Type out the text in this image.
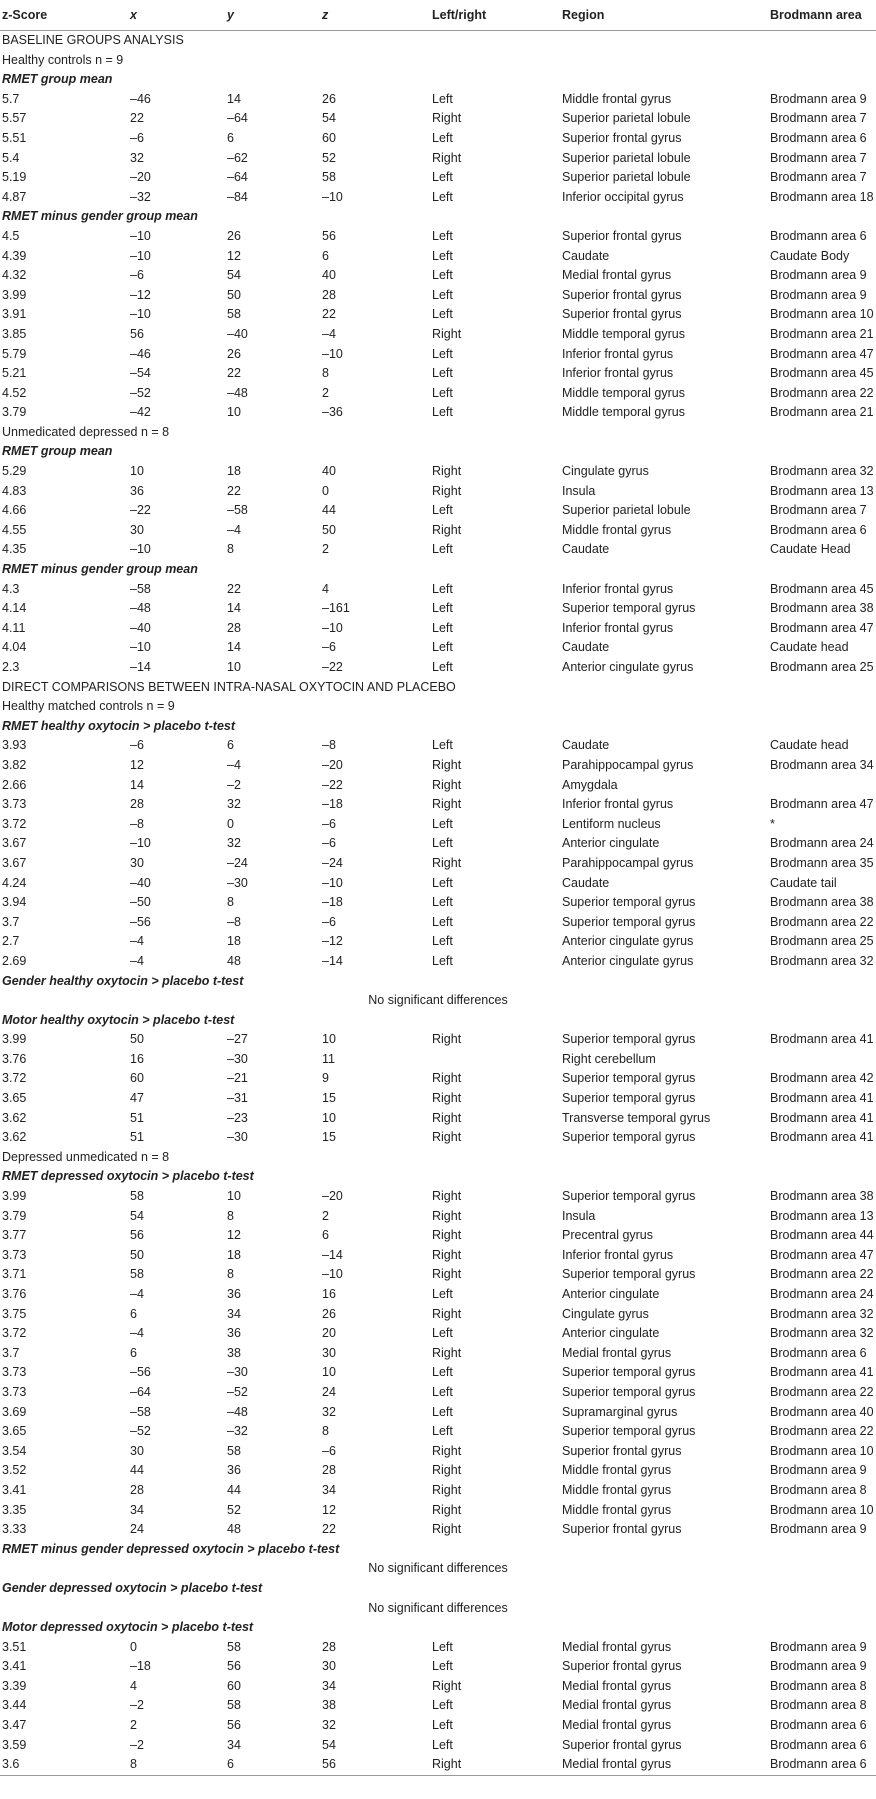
z-Score	x	y	z	Left/right	Region	Brodmann area
BASELINE GROUPS ANALYSIS						
Healthy controls n = 9						
RMET group mean						
5.7	–46	14	26	Left	Middle frontal gyrus	Brodmann area 9
5.57	22	–64	54	Right	Superior parietal lobule	Brodmann area 7
5.51	–6	6	60	Left	Superior frontal gyrus	Brodmann area 6
5.4	32	–62	52	Right	Superior parietal lobule	Brodmann area 7
5.19	–20	–64	58	Left	Superior parietal lobule	Brodmann area 7
4.87	–32	–84	–10	Left	Inferior occipital gyrus	Brodmann area 18
RMET minus gender group mean						
4.5	–10	26	56	Left	Superior frontal gyrus	Brodmann area 6
4.39	–10	12	6	Left	Caudate	Caudate Body
4.32	–6	54	40	Left	Medial frontal gyrus	Brodmann area 9
3.99	–12	50	28	Left	Superior frontal gyrus	Brodmann area 9
3.91	–10	58	22	Left	Superior frontal gyrus	Brodmann area 10
3.85	56	–40	–4	Right	Middle temporal gyrus	Brodmann area 21
5.79	–46	26	–10	Left	Inferior frontal gyrus	Brodmann area 47
5.21	–54	22	8	Left	Inferior frontal gyrus	Brodmann area 45
4.52	–52	–48	2	Left	Middle temporal gyrus	Brodmann area 22
3.79	–42	10	–36	Left	Middle temporal gyrus	Brodmann area 21
Unmedicated depressed n = 8						
RMET group mean						
5.29	10	18	40	Right	Cingulate gyrus	Brodmann area 32
4.83	36	22	0	Right	Insula	Brodmann area 13
4.66	–22	–58	44	Left	Superior parietal lobule	Brodmann area 7
4.55	30	–4	50	Right	Middle frontal gyrus	Brodmann area 6
4.35	–10	8	2	Left	Caudate	Caudate Head
RMET minus gender group mean						
4.3	–58	22	4	Left	Inferior frontal gyrus	Brodmann area 45
4.14	–48	14	–161	Left	Superior temporal gyrus	Brodmann area 38
4.11	–40	28	–10	Left	Inferior frontal gyrus	Brodmann area 47
4.04	–10	14	–6	Left	Caudate	Caudate head
2.3	–14	10	–22	Left	Anterior cingulate gyrus	Brodmann area 25
DIRECT COMPARISONS BETWEEN INTRA-NASAL OXYTOCIN AND PLACEBO						
Healthy matched controls n = 9						
RMET healthy oxytocin > placebo t-test						
3.93	–6	6	–8	Left	Caudate	Caudate head
3.82	12	–4	–20	Right	Parahippocampal gyrus	Brodmann area 34
2.66	14	–2	–22	Right	Amygdala	
3.73	28	32	–18	Right	Inferior frontal gyrus	Brodmann area 47
3.72	–8	0	–6	Left	Lentiform nucleus	*
3.67	–10	32	–6	Left	Anterior cingulate	Brodmann area 24
3.67	30	–24	–24	Right	Parahippocampal gyrus	Brodmann area 35
4.24	–40	–30	–10	Left	Caudate	Caudate tail
3.94	–50	8	–18	Left	Superior temporal gyrus	Brodmann area 38
3.7	–56	–8	–6	Left	Superior temporal gyrus	Brodmann area 22
2.7	–4	18	–12	Left	Anterior cingulate gyrus	Brodmann area 25
2.69	–4	48	–14	Left	Anterior cingulate gyrus	Brodmann area 32
Gender healthy oxytocin > placebo t-test						
No significant differences						
Motor healthy oxytocin > placebo t-test						
3.99	50	–27	10	Right	Superior temporal gyrus	Brodmann area 41
3.76	16	–30	11		Right cerebellum	
3.72	60	–21	9	Right	Superior temporal gyrus	Brodmann area 42
3.65	47	–31	15	Right	Superior temporal gyrus	Brodmann area 41
3.62	51	–23	10	Right	Transverse temporal gyrus	Brodmann area 41
3.62	51	–30	15	Right	Superior temporal gyrus	Brodmann area 41
Depressed unmedicated n = 8						
RMET depressed oxytocin > placebo t-test						
3.99	58	10	–20	Right	Superior temporal gyrus	Brodmann area 38
3.79	54	8	2	Right	Insula	Brodmann area 13
3.77	56	12	6	Right	Precentral gyrus	Brodmann area 44
3.73	50	18	–14	Right	Inferior frontal gyrus	Brodmann area 47
3.71	58	8	–10	Right	Superior temporal gyrus	Brodmann area 22
3.76	–4	36	16	Left	Anterior cingulate	Brodmann area 24
3.75	6	34	26	Right	Cingulate gyrus	Brodmann area 32
3.72	–4	36	20	Left	Anterior cingulate	Brodmann area 32
3.7	6	38	30	Right	Medial frontal gyrus	Brodmann area 6
3.73	–56	–30	10	Left	Superior temporal gyrus	Brodmann area 41
3.73	–64	–52	24	Left	Superior temporal gyrus	Brodmann area 22
3.69	–58	–48	32	Left	Supramarginal gyrus	Brodmann area 40
3.65	–52	–32	8	Left	Superior temporal gyrus	Brodmann area 22
3.54	30	58	–6	Right	Superior frontal gyrus	Brodmann area 10
3.52	44	36	28	Right	Middle frontal gyrus	Brodmann area 9
3.41	28	44	34	Right	Middle frontal gyrus	Brodmann area 8
3.35	34	52	12	Right	Middle frontal gyrus	Brodmann area 10
3.33	24	48	22	Right	Superior frontal gyrus	Brodmann area 9
RMET minus gender depressed oxytocin > placebo t-test						
No significant differences						
Gender depressed oxytocin > placebo t-test						
No significant differences						
Motor depressed oxytocin > placebo t-test						
3.51	0	58	28	Left	Medial frontal gyrus	Brodmann area 9
3.41	–18	56	30	Left	Superior frontal gyrus	Brodmann area 9
3.39	4	60	34	Right	Medial frontal gyrus	Brodmann area 8
3.44	–2	58	38	Left	Medial frontal gyrus	Brodmann area 8
3.47	2	56	32	Left	Medial frontal gyrus	Brodmann area 6
3.59	–2	34	54	Left	Superior frontal gyrus	Brodmann area 6
3.6	8	6	56	Right	Medial frontal gyrus	Brodmann area 6
